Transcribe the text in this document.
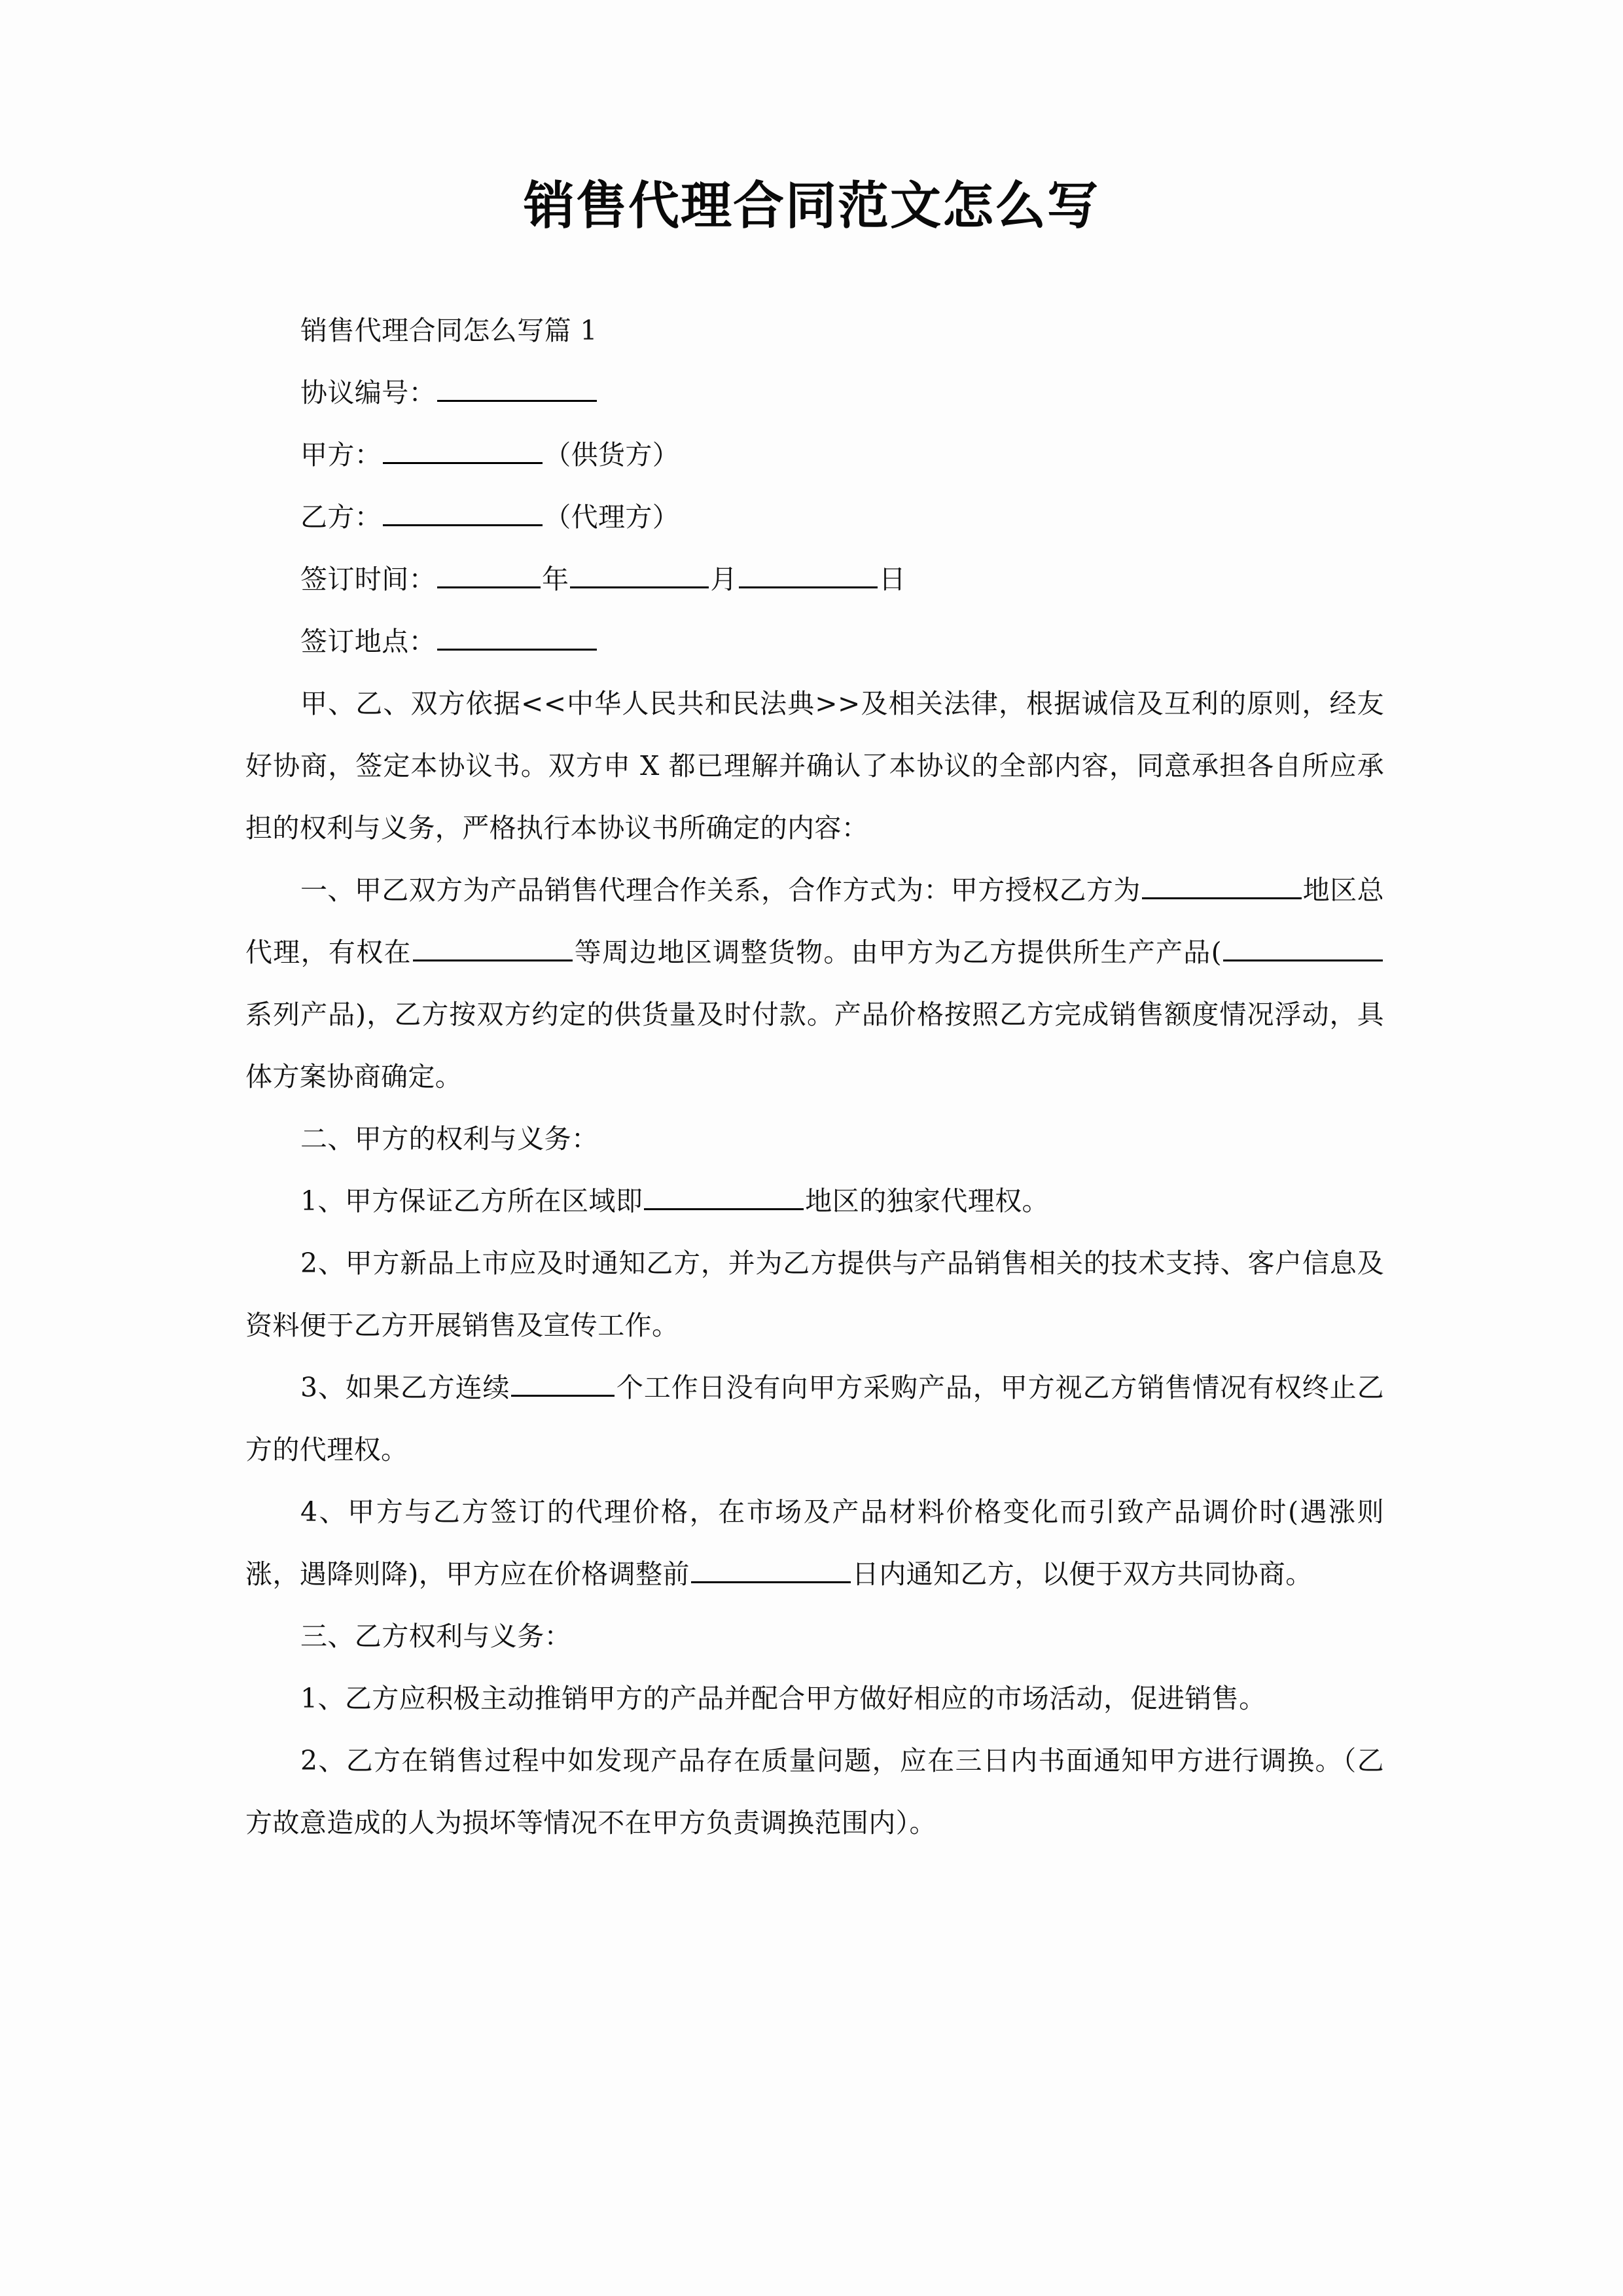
销售代理合同范文怎么写

销售代理合同怎么写篇 1

协议编号：

甲方：	（供货方）

乙方：	（代理方）

签订时间：	年	月	日

签订地点：

甲、乙、双方依据<<中华人民共和民法典>>及相关法律，根据诚信及互利的原则，经友好协商，签定本协议书。双方申 X 都已理解并确认了本协议的全部内容，同意承担各自所应承担的权利与义务，严格执行本协议书所确定的内容：

一、甲乙双方为产品销售代理合作关系，合作方式为：甲方授权乙方为	地区总代理，有权在	等周边地区调整货物。由甲方为乙方提供所生产产品(系列产品)，乙方按双方约定的供货量及时付款。产品价格按照乙方完成销售额度情况浮动，具体方案协商确定。

二、甲方的权利与义务：

1、甲方保证乙方所在区域即	地区的独家代理权。

2、甲方新品上市应及时通知乙方，并为乙方提供与产品销售相关的技术支持、客户信息及资料便于乙方开展销售及宣传工作。

3、如果乙方连续	个工作日没有向甲方采购产品，甲方视乙方销售情况有权终止乙方的代理权。

4、甲方与乙方签订的代理价格，在市场及产品材料价格变化而引致产品调价时(遇涨则涨，遇降则降)，甲方应在价格调整前	日内通知乙方，以便于双方共同协商。

三、乙方权利与义务：

1、乙方应积极主动推销甲方的产品并配合甲方做好相应的市场活动，促进销售。

2、乙方在销售过程中如发现产品存在质量问题，应在三日内书面通知甲方进行调换。（乙方故意造成的人为损坏等情况不在甲方负责调换范围内）。
